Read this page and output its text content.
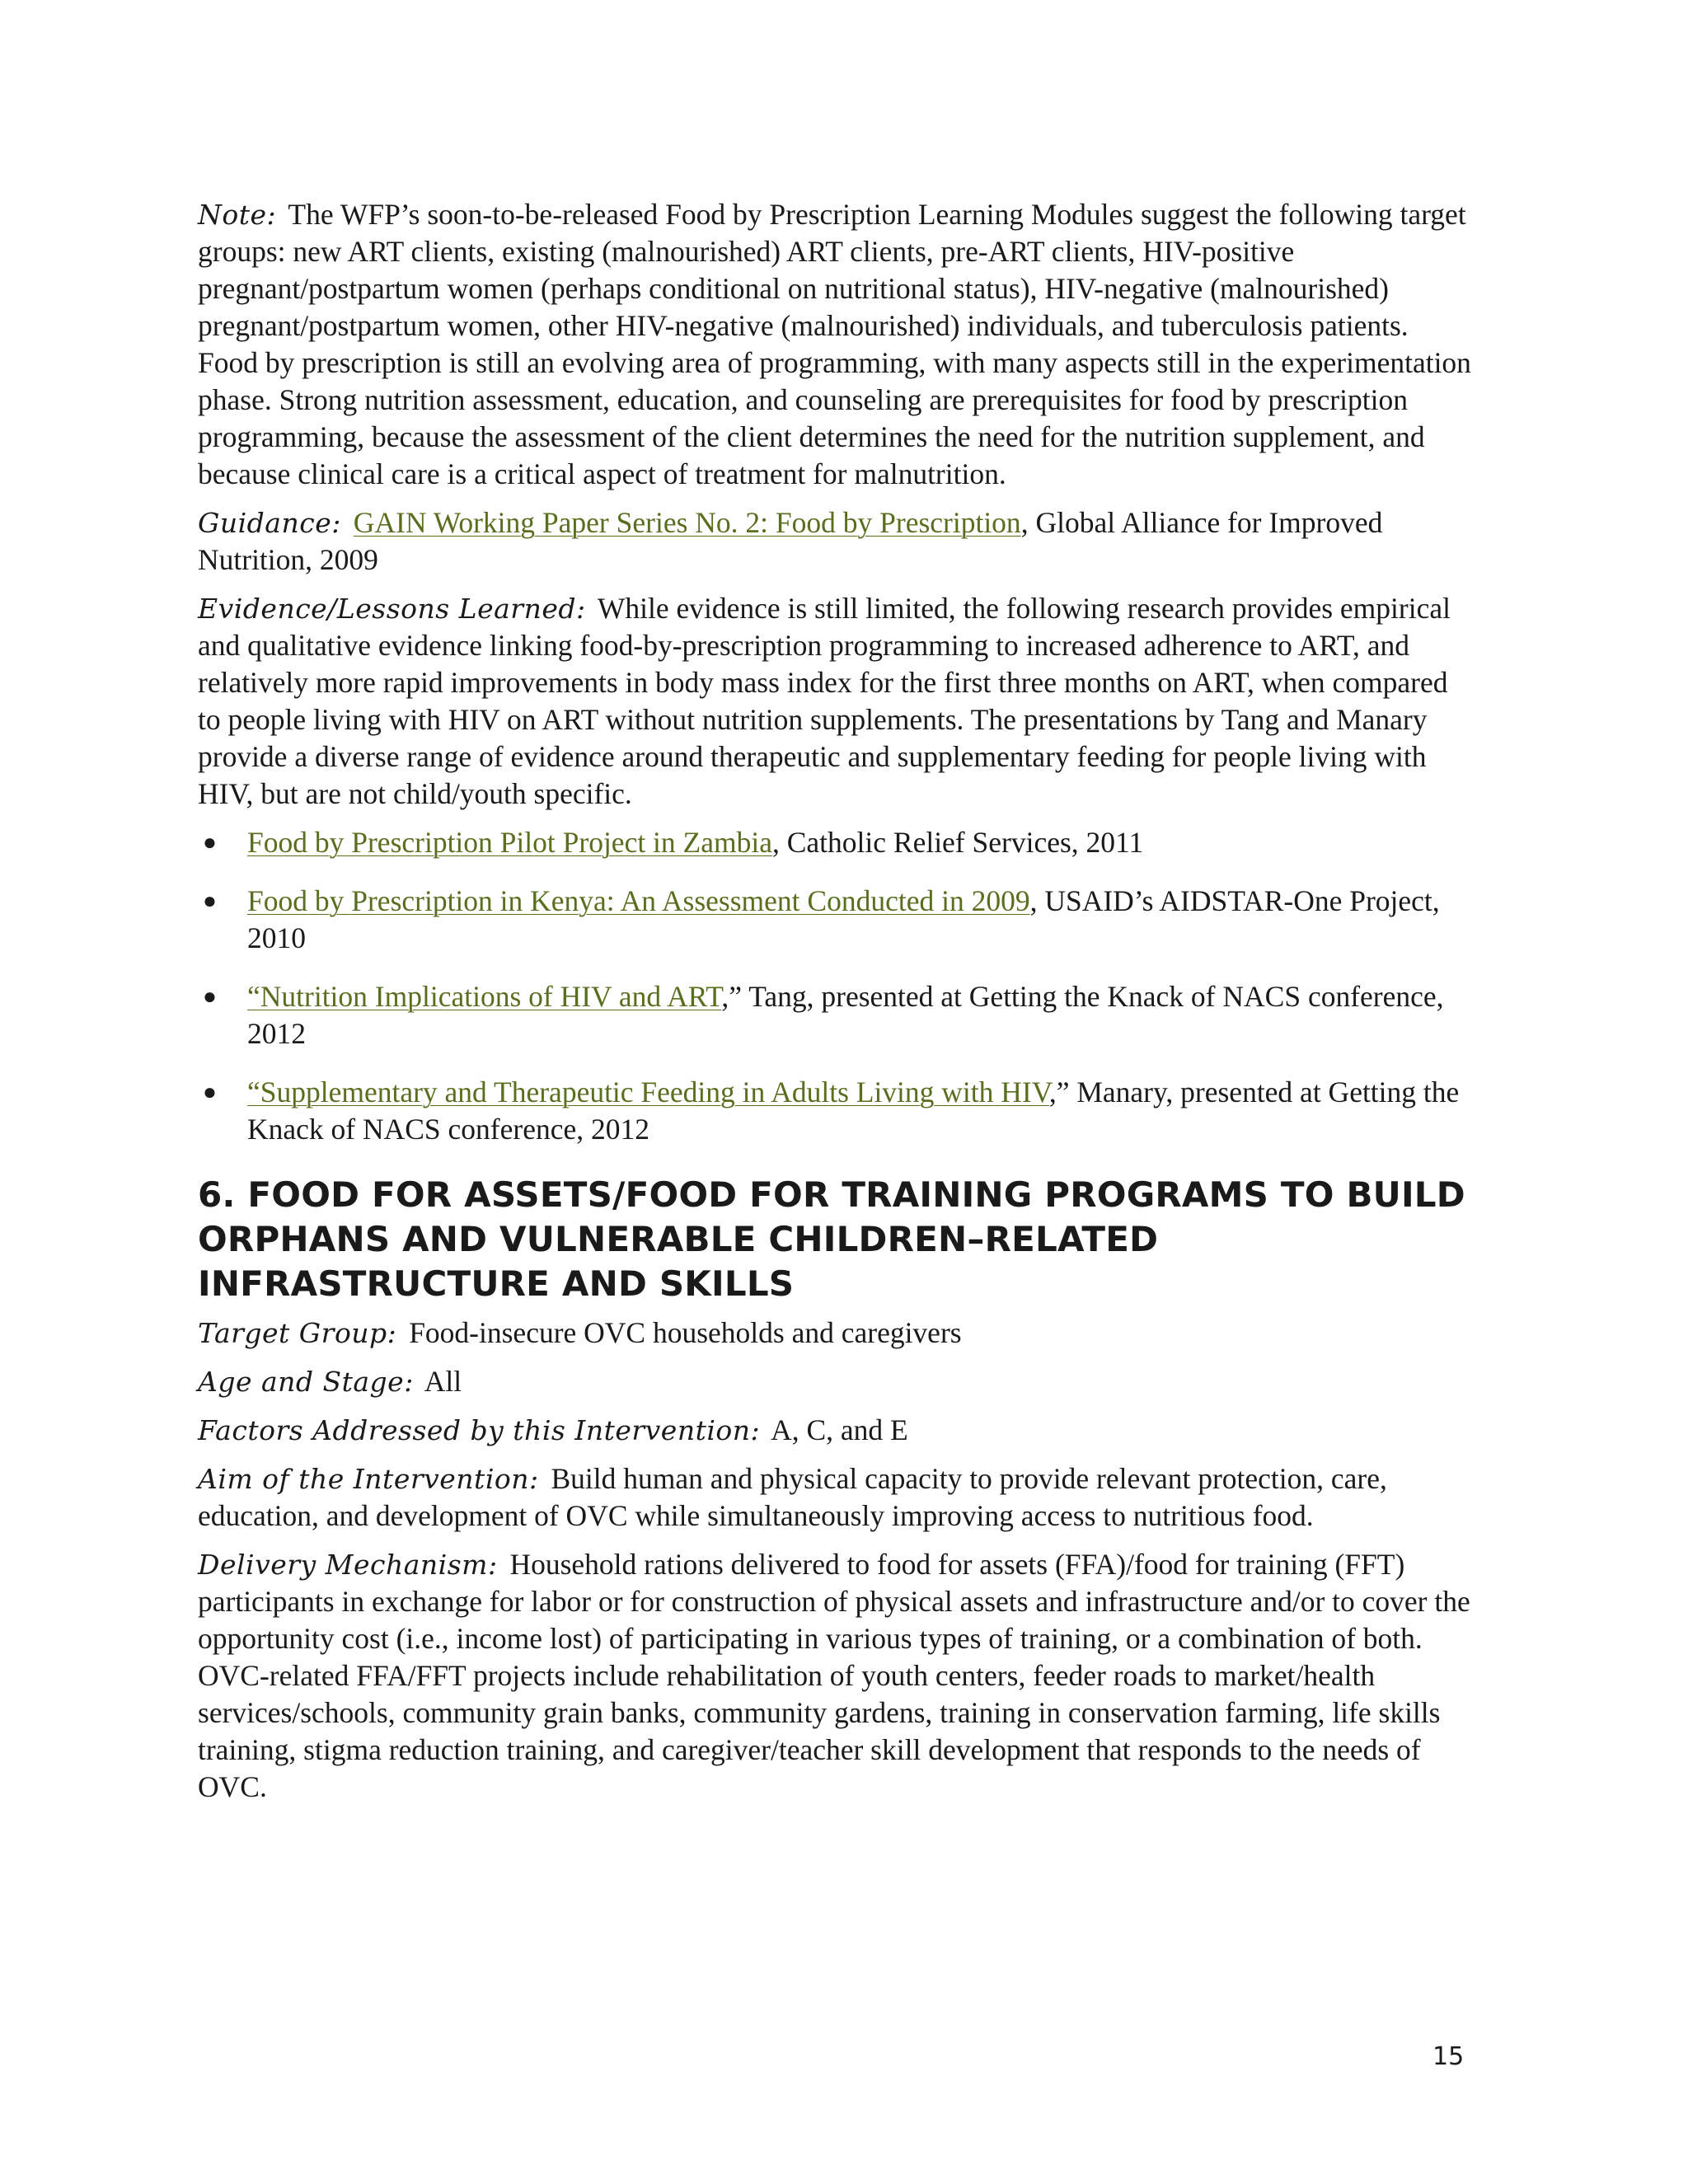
Note: The WFP’s soon-to-be-released Food by Prescription Learning Modules suggest the following target groups: new ART clients, existing (malnourished) ART clients, pre-ART clients, HIV-positive pregnant/postpartum women (perhaps conditional on nutritional status), HIV-negative (malnourished) pregnant/postpartum women, other HIV-negative (malnourished) individuals, and tuberculosis patients. Food by prescription is still an evolving area of programming, with many aspects still in the experimentation phase. Strong nutrition assessment, education, and counseling are prerequisites for food by prescription programming, because the assessment of the client determines the need for the nutrition supplement, and because clinical care is a critical aspect of treatment for malnutrition.

Guidance: GAIN Working Paper Series No. 2: Food by Prescription, Global Alliance for Improved Nutrition, 2009

Evidence/Lessons Learned: While evidence is still limited, the following research provides empirical and qualitative evidence linking food-by-prescription programming to increased adherence to ART, and relatively more rapid improvements in body mass index for the first three months on ART, when compared to people living with HIV on ART without nutrition supplements. The presentations by Tang and Manary provide a diverse range of evidence around therapeutic and supplementary feeding for people living with HIV, but are not child/youth specific.

● Food by Prescription Pilot Project in Zambia, Catholic Relief Services, 2011
● Food by Prescription in Kenya: An Assessment Conducted in 2009, USAID’s AIDSTAR-One Project, 2010
● “Nutrition Implications of HIV and ART,” Tang, presented at Getting the Knack of NACS conference, 2012
● “Supplementary and Therapeutic Feeding in Adults Living with HIV,” Manary, presented at Getting the Knack of NACS conference, 2012
6. FOOD FOR ASSETS/FOOD FOR TRAINING PROGRAMS TO BUILD ORPHANS AND VULNERABLE CHILDREN–RELATED INFRASTRUCTURE AND SKILLS

Target Group: Food-insecure OVC households and caregivers

Age and Stage: All

Factors Addressed by this Intervention: A, C, and E

Aim of the Intervention: Build human and physical capacity to provide relevant protection, care, education, and development of OVC while simultaneously improving access to nutritious food.

Delivery Mechanism: Household rations delivered to food for assets (FFA)/food for training (FFT) participants in exchange for labor or for construction of physical assets and infrastructure and/or to cover the opportunity cost (i.e., income lost) of participating in various types of training, or a combination of both. OVC-related FFA/FFT projects include rehabilitation of youth centers, feeder roads to market/health services/schools, community grain banks, community gardens, training in conservation farming, life skills training, stigma reduction training, and caregiver/teacher skill development that responds to the needs of OVC.

15
